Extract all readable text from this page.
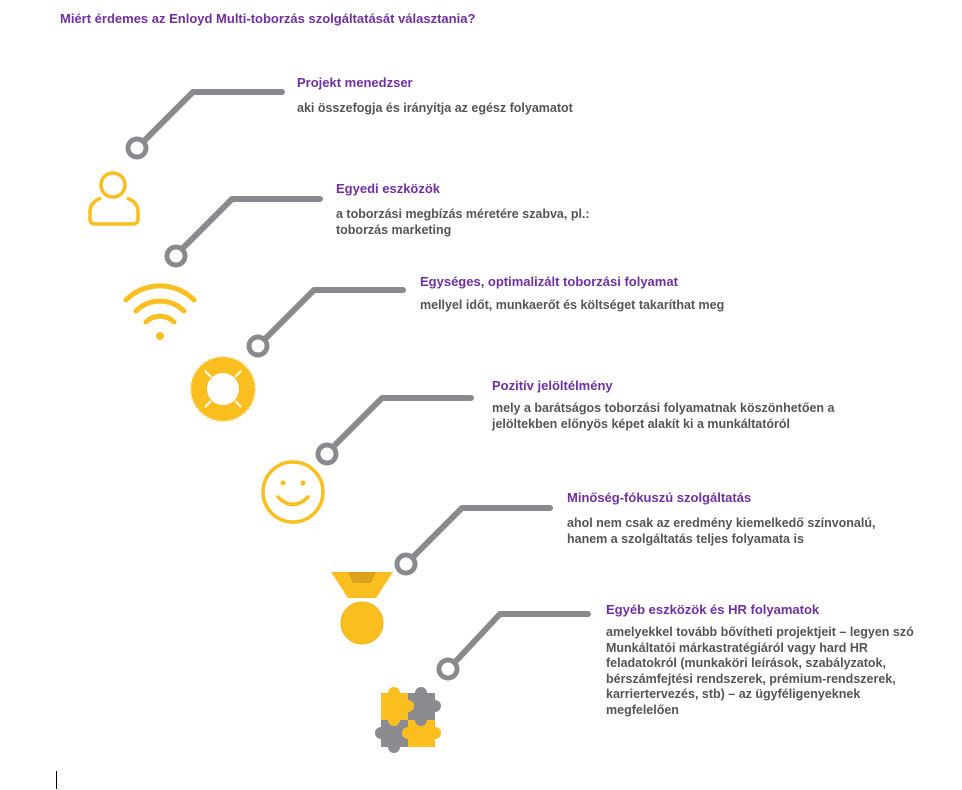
Miért érdemes az Enloyd Multi-toborzás szolgáltatását választania?
Projekt menedzser
aki összefogja és irányítja az egész folyamatot
Egyedi eszközök
a toborzási megbízás méretére szabva, pl.: toborzás marketing
Egységes, optimalizált toborzási folyamat
mellyel időt, munkaerőt és költséget takaríthat meg
Pozitív jelöltélmény
mely a barátságos toborzási folyamatnak köszönhetően a jelöltekben előnyös képet alakít ki a munkáltatóról
Minőség-fókuszú szolgáltatás
ahol nem csak az eredmény kiemelkedő színvonalú, hanem a szolgáltatás teljes folyamata is
Egyéb eszközök és HR folyamatok
amelyekkel tovább bővítheti projektjeit – legyen szó Munkáltatói márkastratégiáról vagy hard HR feladatokról (munkaköri leírások, szabályzatok, bérszámfejtési rendszerek, prémium-rendszerek, karriertervezés, stb) – az ügyféligenyeknek megfelelően
